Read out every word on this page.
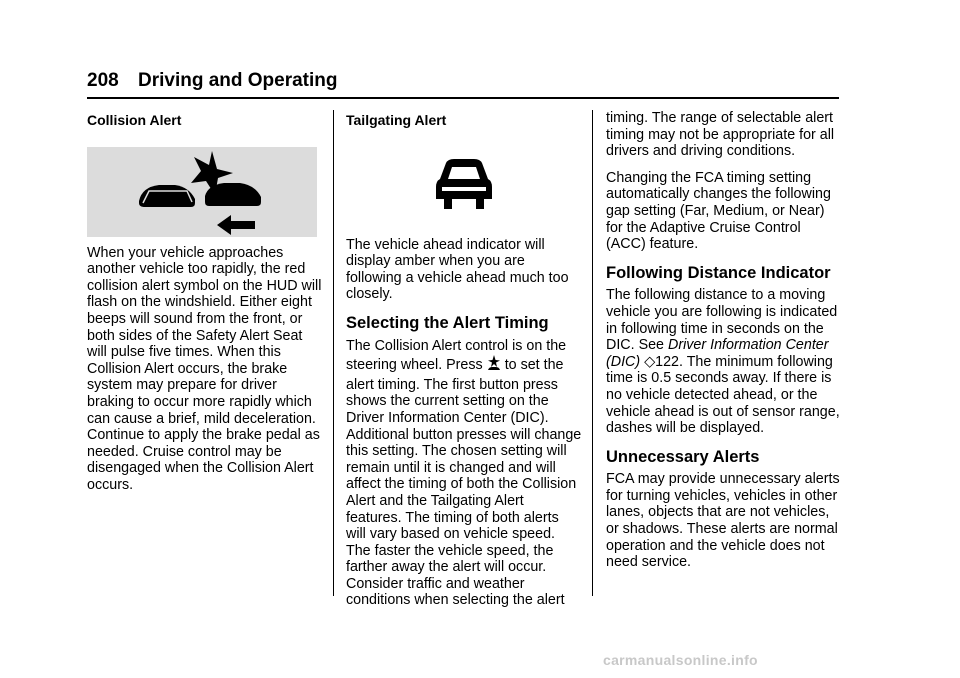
208 Driving and Operating
Collision Alert

When your vehicle approaches another vehicle too rapidly, the red collision alert symbol on the HUD will flash on the windshield. Either eight beeps will sound from the front, or both sides of the Safety Alert Seat will pulse five times. When this Collision Alert occurs, the brake system may prepare for driver braking to occur more rapidly which can cause a brief, mild deceleration. Continue to apply the brake pedal as needed. Cruise control may be disengaged when the Collision Alert occurs.

Tailgating Alert

The vehicle ahead indicator will display amber when you are following a vehicle ahead much too closely.

Selecting the Alert Timing

The Collision Alert control is on the steering wheel. Press to set the alert timing. The first button press shows the current setting on the Driver Information Center (DIC). Additional button presses will change this setting. The chosen setting will remain until it is changed and will affect the timing of both the Collision Alert and the Tailgating Alert features. The timing of both alerts will vary based on vehicle speed. The faster the vehicle speed, the farther away the alert will occur. Consider traffic and weather conditions when selecting the alert

timing. The range of selectable alert timing may not be appropriate for all drivers and driving conditions.

Changing the FCA timing setting automatically changes the following gap setting (Far, Medium, or Near) for the Adaptive Cruise Control (ACC) feature.

Following Distance Indicator

The following distance to a moving vehicle you are following is indicated in following time in seconds on the DIC. See Driver Information Center (DIC) ◇122. The minimum following time is 0.5 seconds away. If there is no vehicle detected ahead, or the vehicle ahead is out of sensor range, dashes will be displayed.

Unnecessary Alerts

FCA may provide unnecessary alerts for turning vehicles, vehicles in other lanes, objects that are not vehicles, or shadows. These alerts are normal operation and the vehicle does not need service.

carmanualsonline.info
